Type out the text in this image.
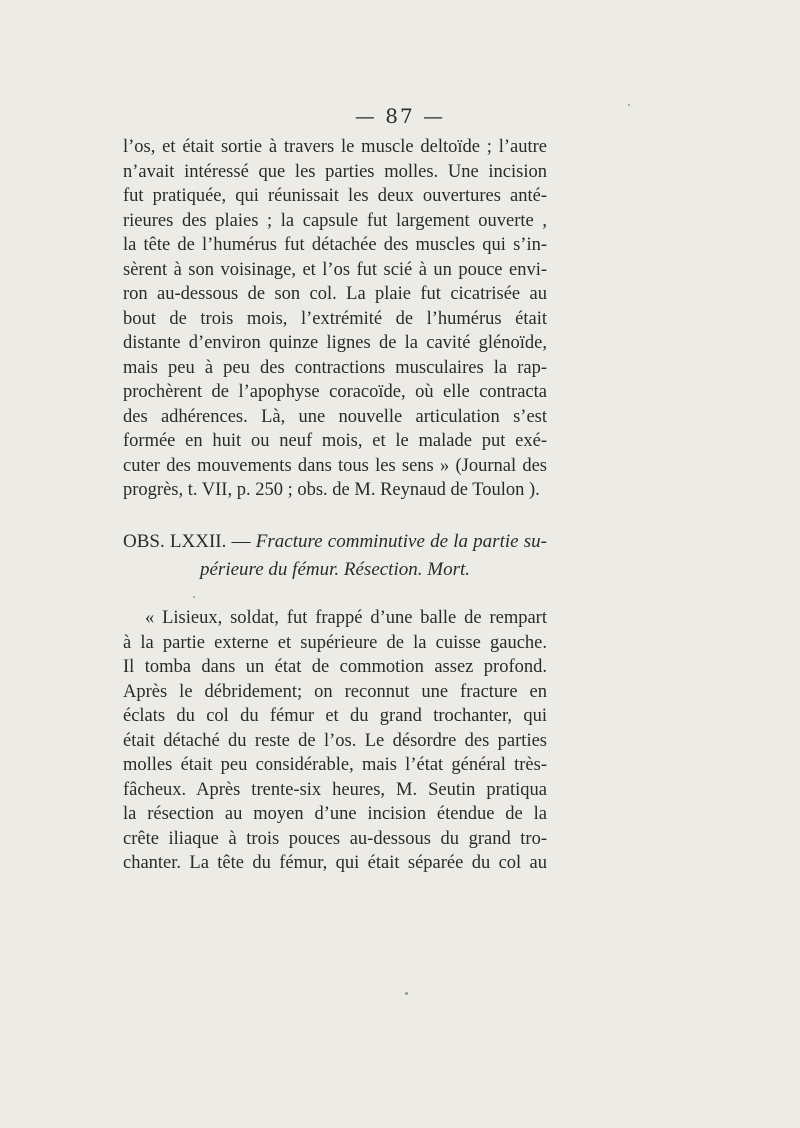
— 87 —
l’os, et était sortie à travers le muscle deltoïde ; l’autre
n’avait intéressé que les parties molles. Une incision
fut pratiquée, qui réunissait les deux ouvertures anté-
rieures des plaies ; la capsule fut largement ouverte ,
la tête de l’humérus fut détachée des muscles qui s’in-
sèrent à son voisinage, et l’os fut scié à un pouce envi-
ron au-dessous de son col. La plaie fut cicatrisée au
bout de trois mois, l’extrémité de l’humérus était
distante d’environ quinze lignes de la cavité glénoïde,
mais peu à peu des contractions musculaires la rap-
prochèrent de l’apophyse coracoïde, où elle contracta
des adhérences. Là, une nouvelle articulation s’est
formée en huit ou neuf mois, et le malade put exé-
cuter des mouvements dans tous les sens » (Journal des
progrès, t. VII, p. 250 ; obs. de M. Reynaud de Toulon ).
OBS. LXXII. — Fracture comminutive de la partie su-
périeure du fémur. Résection. Mort.
« Lisieux, soldat, fut frappé d’une balle de rempart
à la partie externe et supérieure de la cuisse gauche.
Il tomba dans un état de commotion assez profond.
Après le débridement; on reconnut une fracture en
éclats du col du fémur et du grand trochanter, qui
était détaché du reste de l’os. Le désordre des parties
molles était peu considérable, mais l’état général très-
fâcheux. Après trente-six heures, M. Seutin pratiqua
la résection au moyen d’une incision étendue de la
crête iliaque à trois pouces au-dessous du grand tro-
chanter. La tête du fémur, qui était séparée du col au
